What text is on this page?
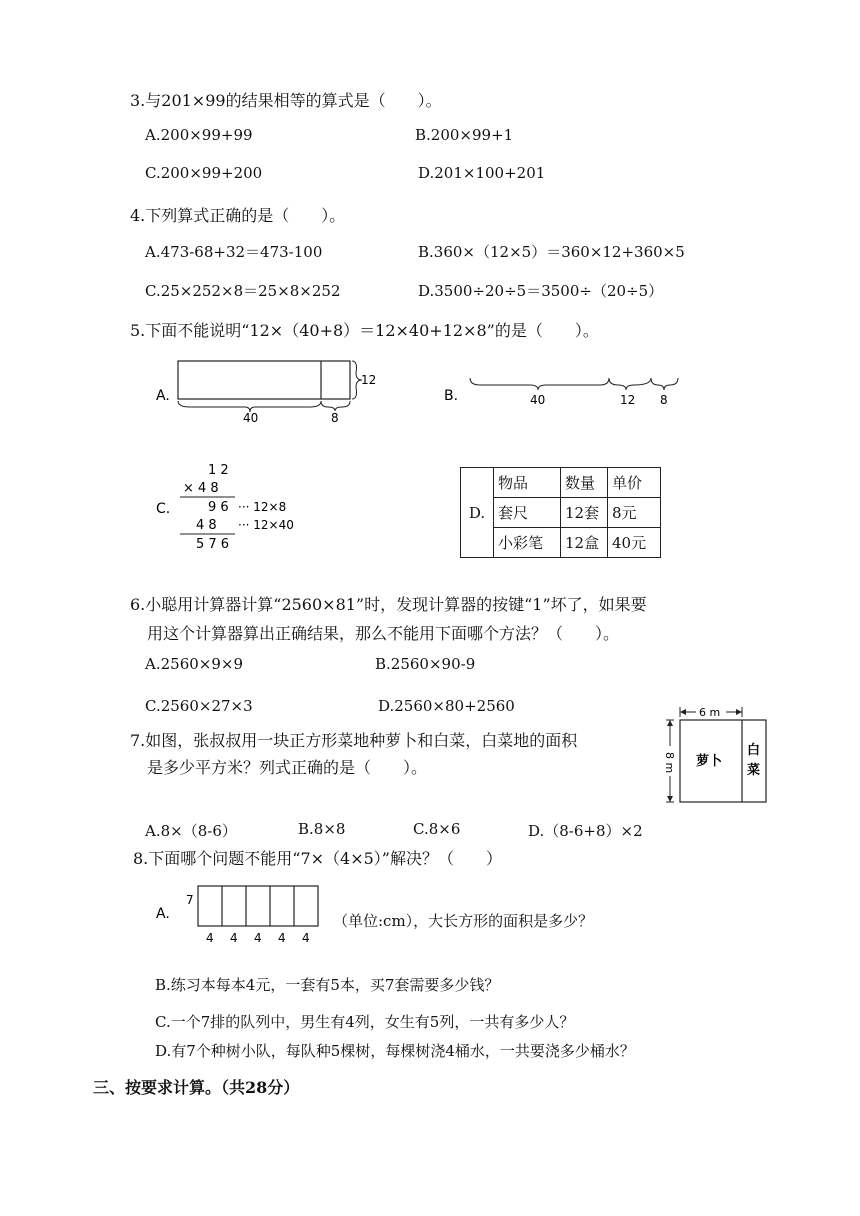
3.与201×99的结果相等的算式是（　　）。
A.200×99+99	B.200×99+1
C.200×99+200	D.201×100+201
4.下列算式正确的是（　　）。
A.473-68+32＝473-100	B.360×（12×5）＝360×12+360×5
C.25×252×8＝25×8×252	D.3500÷20÷5＝3500÷（20÷5）
5.下面不能说明“12×（40+8）＝12×40+12×8”的是（　　）。
A.
12
40	8
B.	40	12 8
C.
1 2
× 4 8
9 6 ··· 12×8
4 8 ··· 12×40
5 7 6
D.	物品	数量	单价
	套尺	12套	8元
	小彩笔	12盒	40元
6.小聪用计算器计算“2560×81”时，发现计算器的按键“1”坏了，如果要
用这个计算器算出正确结果，那么不能用下面哪个方法？（　　）。
A.2560×9×9	B.2560×90-9
C.2560×27×3	D.2560×80+2560
7.如图，张叔叔用一块正方形菜地种萝卜和白菜，白菜地的面积
是多少平方米？列式正确的是（　　）。
6 m
8 m 萝卜
白
菜
A.8×（8-6）	B.8×8	C.8×6	D.（8-6+8）×2
8.下面哪个问题不能用“7×（4×5）”解决？（　　）
A.
7
4 4 4 4 4
（单位:cm），大长方形的面积是多少？
B.练习本每本4元，一套有5本，买7套需要多少钱？
C.一个7排的队列中，男生有4列，女生有5列，一共有多少人？
D.有7个种树小队，每队种5棵树，每棵树浇4桶水，一共要浇多少桶水？
三、按要求计算。（共28分）
